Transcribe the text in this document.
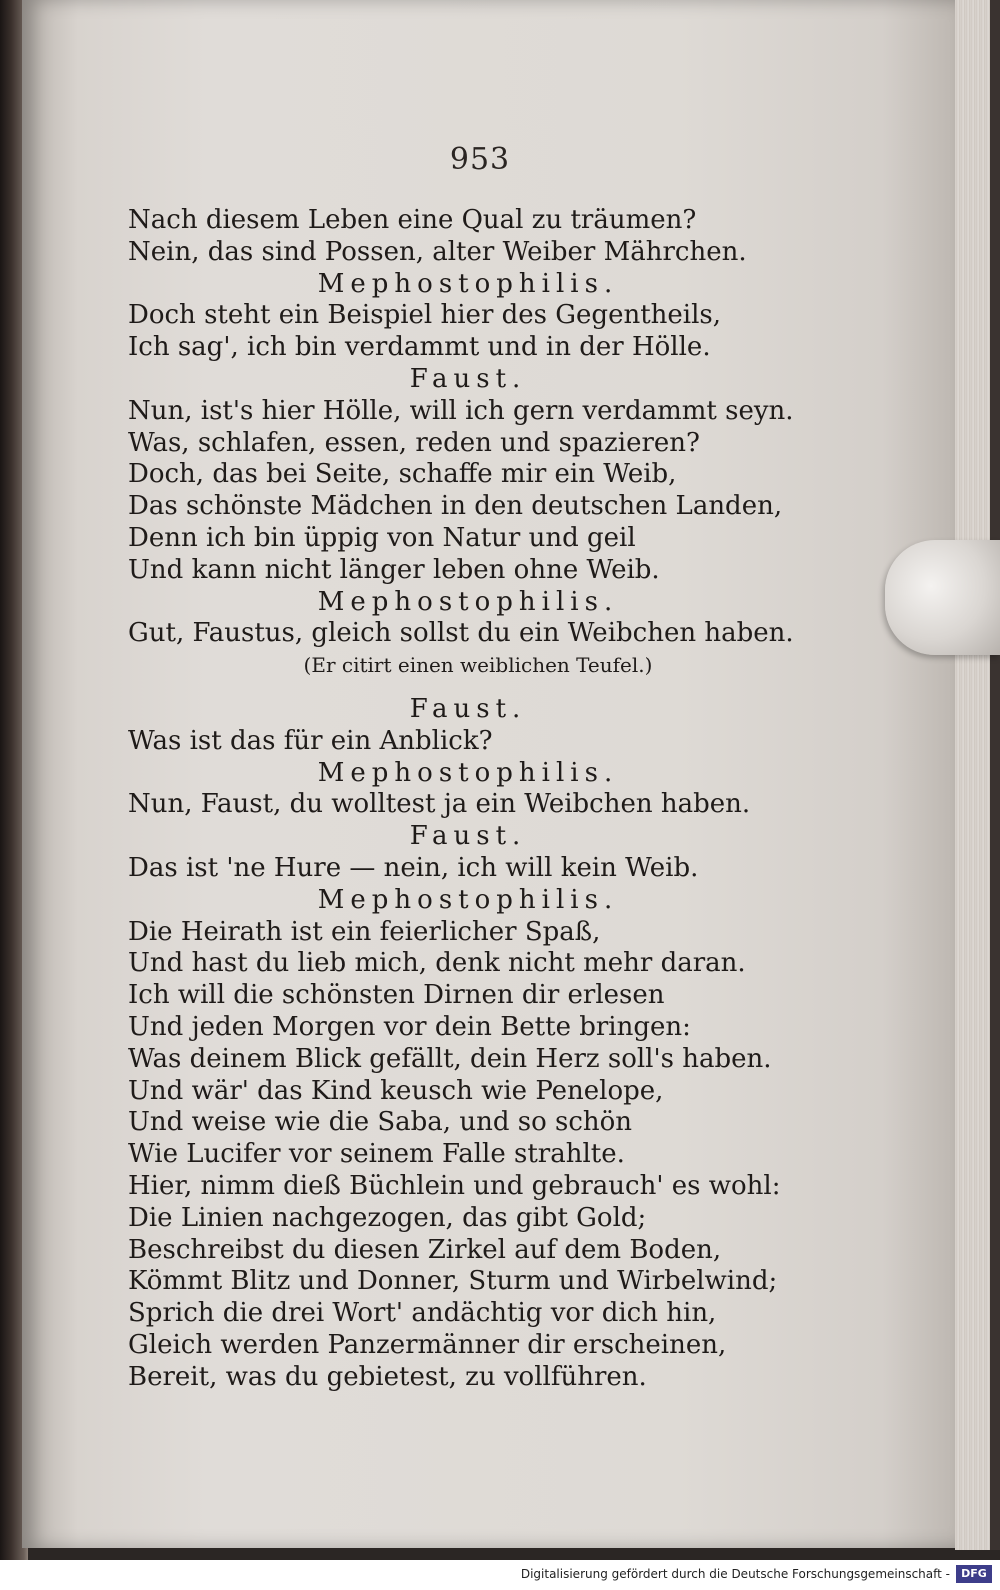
953
Nach diesem Leben eine Qual zu träumen?
Nein, das sind Possen, alter Weiber Mährchen.
Mephostophilis.
Doch steht ein Beispiel hier des Gegentheils,
Ich sag', ich bin verdammt und in der Hölle.
Faust.
Nun, ist's hier Hölle, will ich gern verdammt seyn.
Was, schlafen, essen, reden und spazieren?
Doch, das bei Seite, schaffe mir ein Weib,
Das schönste Mädchen in den deutschen Landen,
Denn ich bin üppig von Natur und geil
Und kann nicht länger leben ohne Weib.
Mephostophilis.
Gut, Faustus, gleich sollst du ein Weibchen haben.
(Er citirt einen weiblichen Teufel.)
Faust.
Was ist das für ein Anblick?
Mephostophilis.
Nun, Faust, du wolltest ja ein Weibchen haben.
Faust.
Das ist 'ne Hure — nein, ich will kein Weib.
Mephostophilis.
Die Heirath ist ein feierlicher Spaß,
Und hast du lieb mich, denk nicht mehr daran.
Ich will die schönsten Dirnen dir erlesen
Und jeden Morgen vor dein Bette bringen:
Was deinem Blick gefällt, dein Herz soll's haben.
Und wär' das Kind keusch wie Penelope,
Und weise wie die Saba, und so schön
Wie Lucifer vor seinem Falle strahlte.
Hier, nimm dieß Büchlein und gebrauch' es wohl:
Die Linien nachgezogen, das gibt Gold;
Beschreibst du diesen Zirkel auf dem Boden,
Kömmt Blitz und Donner, Sturm und Wirbelwind;
Sprich die drei Wort' andächtig vor dich hin,
Gleich werden Panzermänner dir erscheinen,
Bereit, was du gebietest, zu vollführen.
Digitalisierung gefördert durch die Deutsche Forschungsgemeinschaft -	DFG
